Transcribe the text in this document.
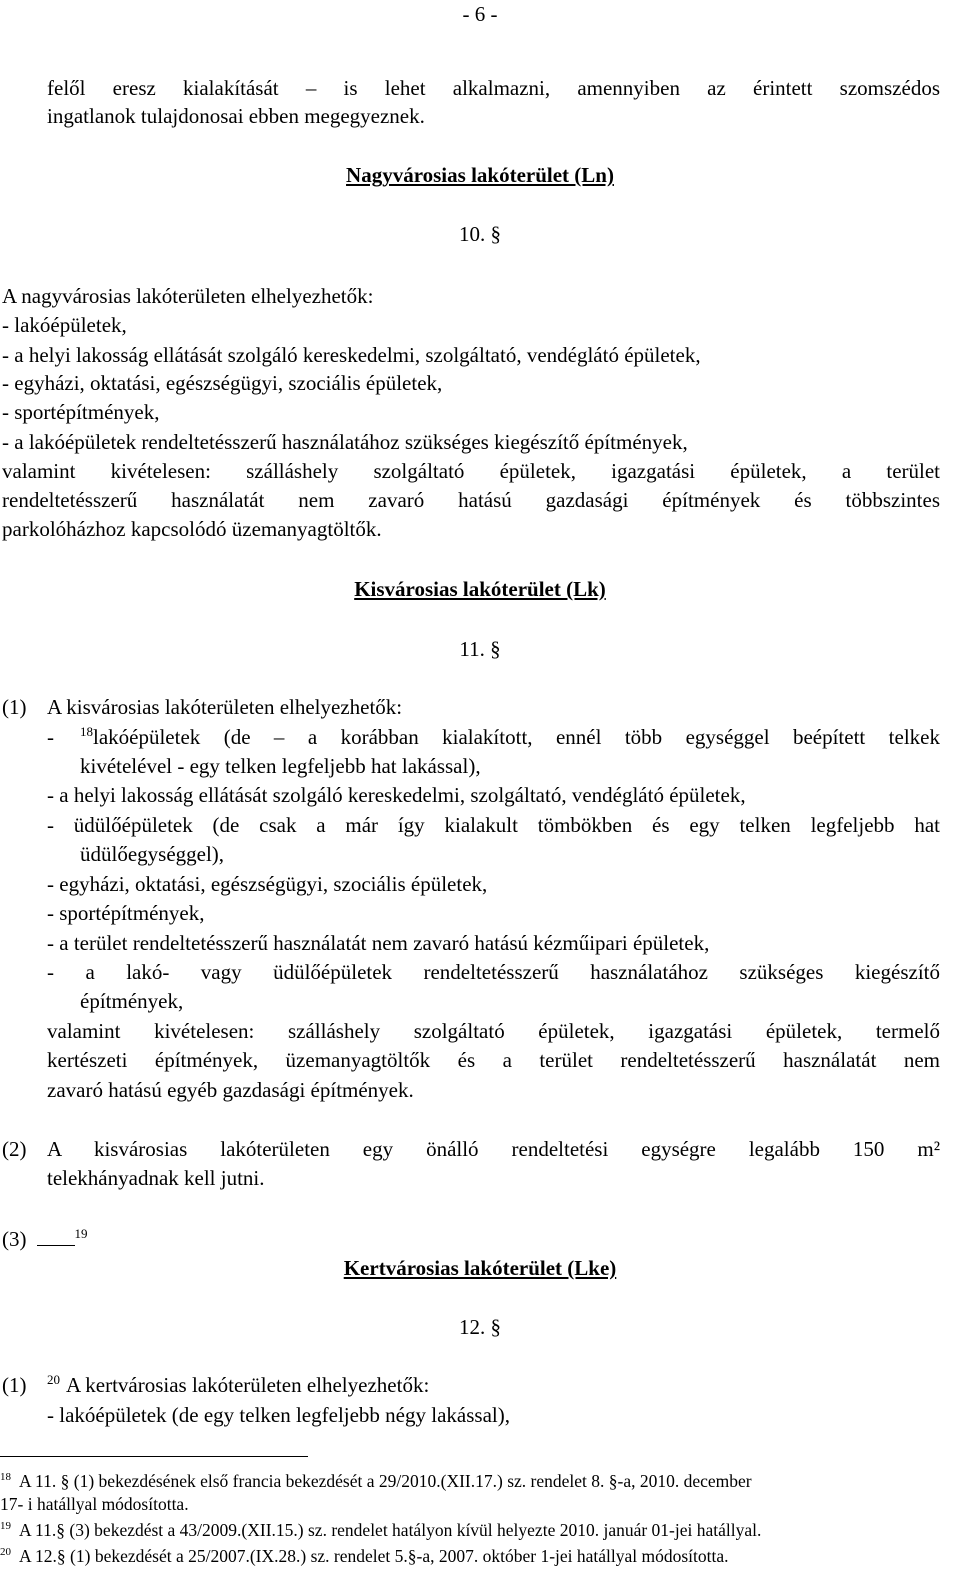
- 6 -
felől eresz kialakítását – is lehet alkalmazni, amennyiben az érintett szomszédos
ingatlanok tulajdonosai ebben megegyeznek.
Nagyvárosias lakóterület (Ln)
10. §
A nagyvárosias lakóterületen elhelyezhetők:
- lakóépületek,
- a helyi lakosság ellátását szolgáló kereskedelmi, szolgáltató, vendéglátó épületek,
- egyházi, oktatási, egészségügyi, szociális épületek,
- sportépítmények,
- a lakóépületek rendeltetésszerű használatához szükséges kiegészítő építmények,
valamint kivételesen: szálláshely szolgáltató épületek, igazgatási épületek, a terület
rendeltetésszerű használatát nem zavaró hatású gazdasági építmények és többszintes
parkolóházhoz kapcsolódó üzemanyagtöltők.
Kisvárosias lakóterület (Lk)
11. §
(1) A kisvárosias lakóterületen elhelyezhetők:
- $^{18}$lakóépületek (de – a korábban kialakított, ennél több egységgel beépített telkek
kivételével - egy telken legfeljebb hat lakással),
- a helyi lakosság ellátását szolgáló kereskedelmi, szolgáltató, vendéglátó épületek,
- üdülőépületek (de csak a már így kialakult tömbökben és egy telken legfeljebb hat
üdülőegységgel),
- egyházi, oktatási, egészségügyi, szociális épületek,
- sportépítmények,
- a terület rendeltetésszerű használatát nem zavaró hatású kézműipari épületek,
- a lakó- vagy üdülőépületek rendeltetésszerű használatához szükséges kiegészítő
építmények,
valamint kivételesen: szálláshely szolgáltató épületek, igazgatási épületek, termelő
kertészeti építmények, üzemanyagtöltők és a terület rendeltetésszerű használatát nem
zavaró hatású egyéb gazdasági építmények.
(2) A kisvárosias lakóterületen egy önálló rendeltetési egységre legalább 150 m²
telekhányadnak kell jutni.
(3)	$^{19}$
Kertvárosias lakóterület (Lke)
12. §
(1) $^{20}$ A kertvárosias lakóterületen elhelyezhetők:
- lakóépületek (de egy telken legfeljebb négy lakással),
$^{18}$ A 11. § (1) bekezdésének első francia bekezdését a 29/2010.(XII.17.) sz. rendelet 8. §-a, 2010. december
17- i hatállyal módosította.
$^{19}$ A 11.§ (3) bekezdést a 43/2009.(XII.15.) sz. rendelet hatályon kívül helyezte 2010. január 01-jei hatállyal.
$^{20}$ A 12.§ (1) bekezdését a 25/2007.(IX.28.) sz. rendelet 5.§-a, 2007. október 1-jei hatállyal módosította.
